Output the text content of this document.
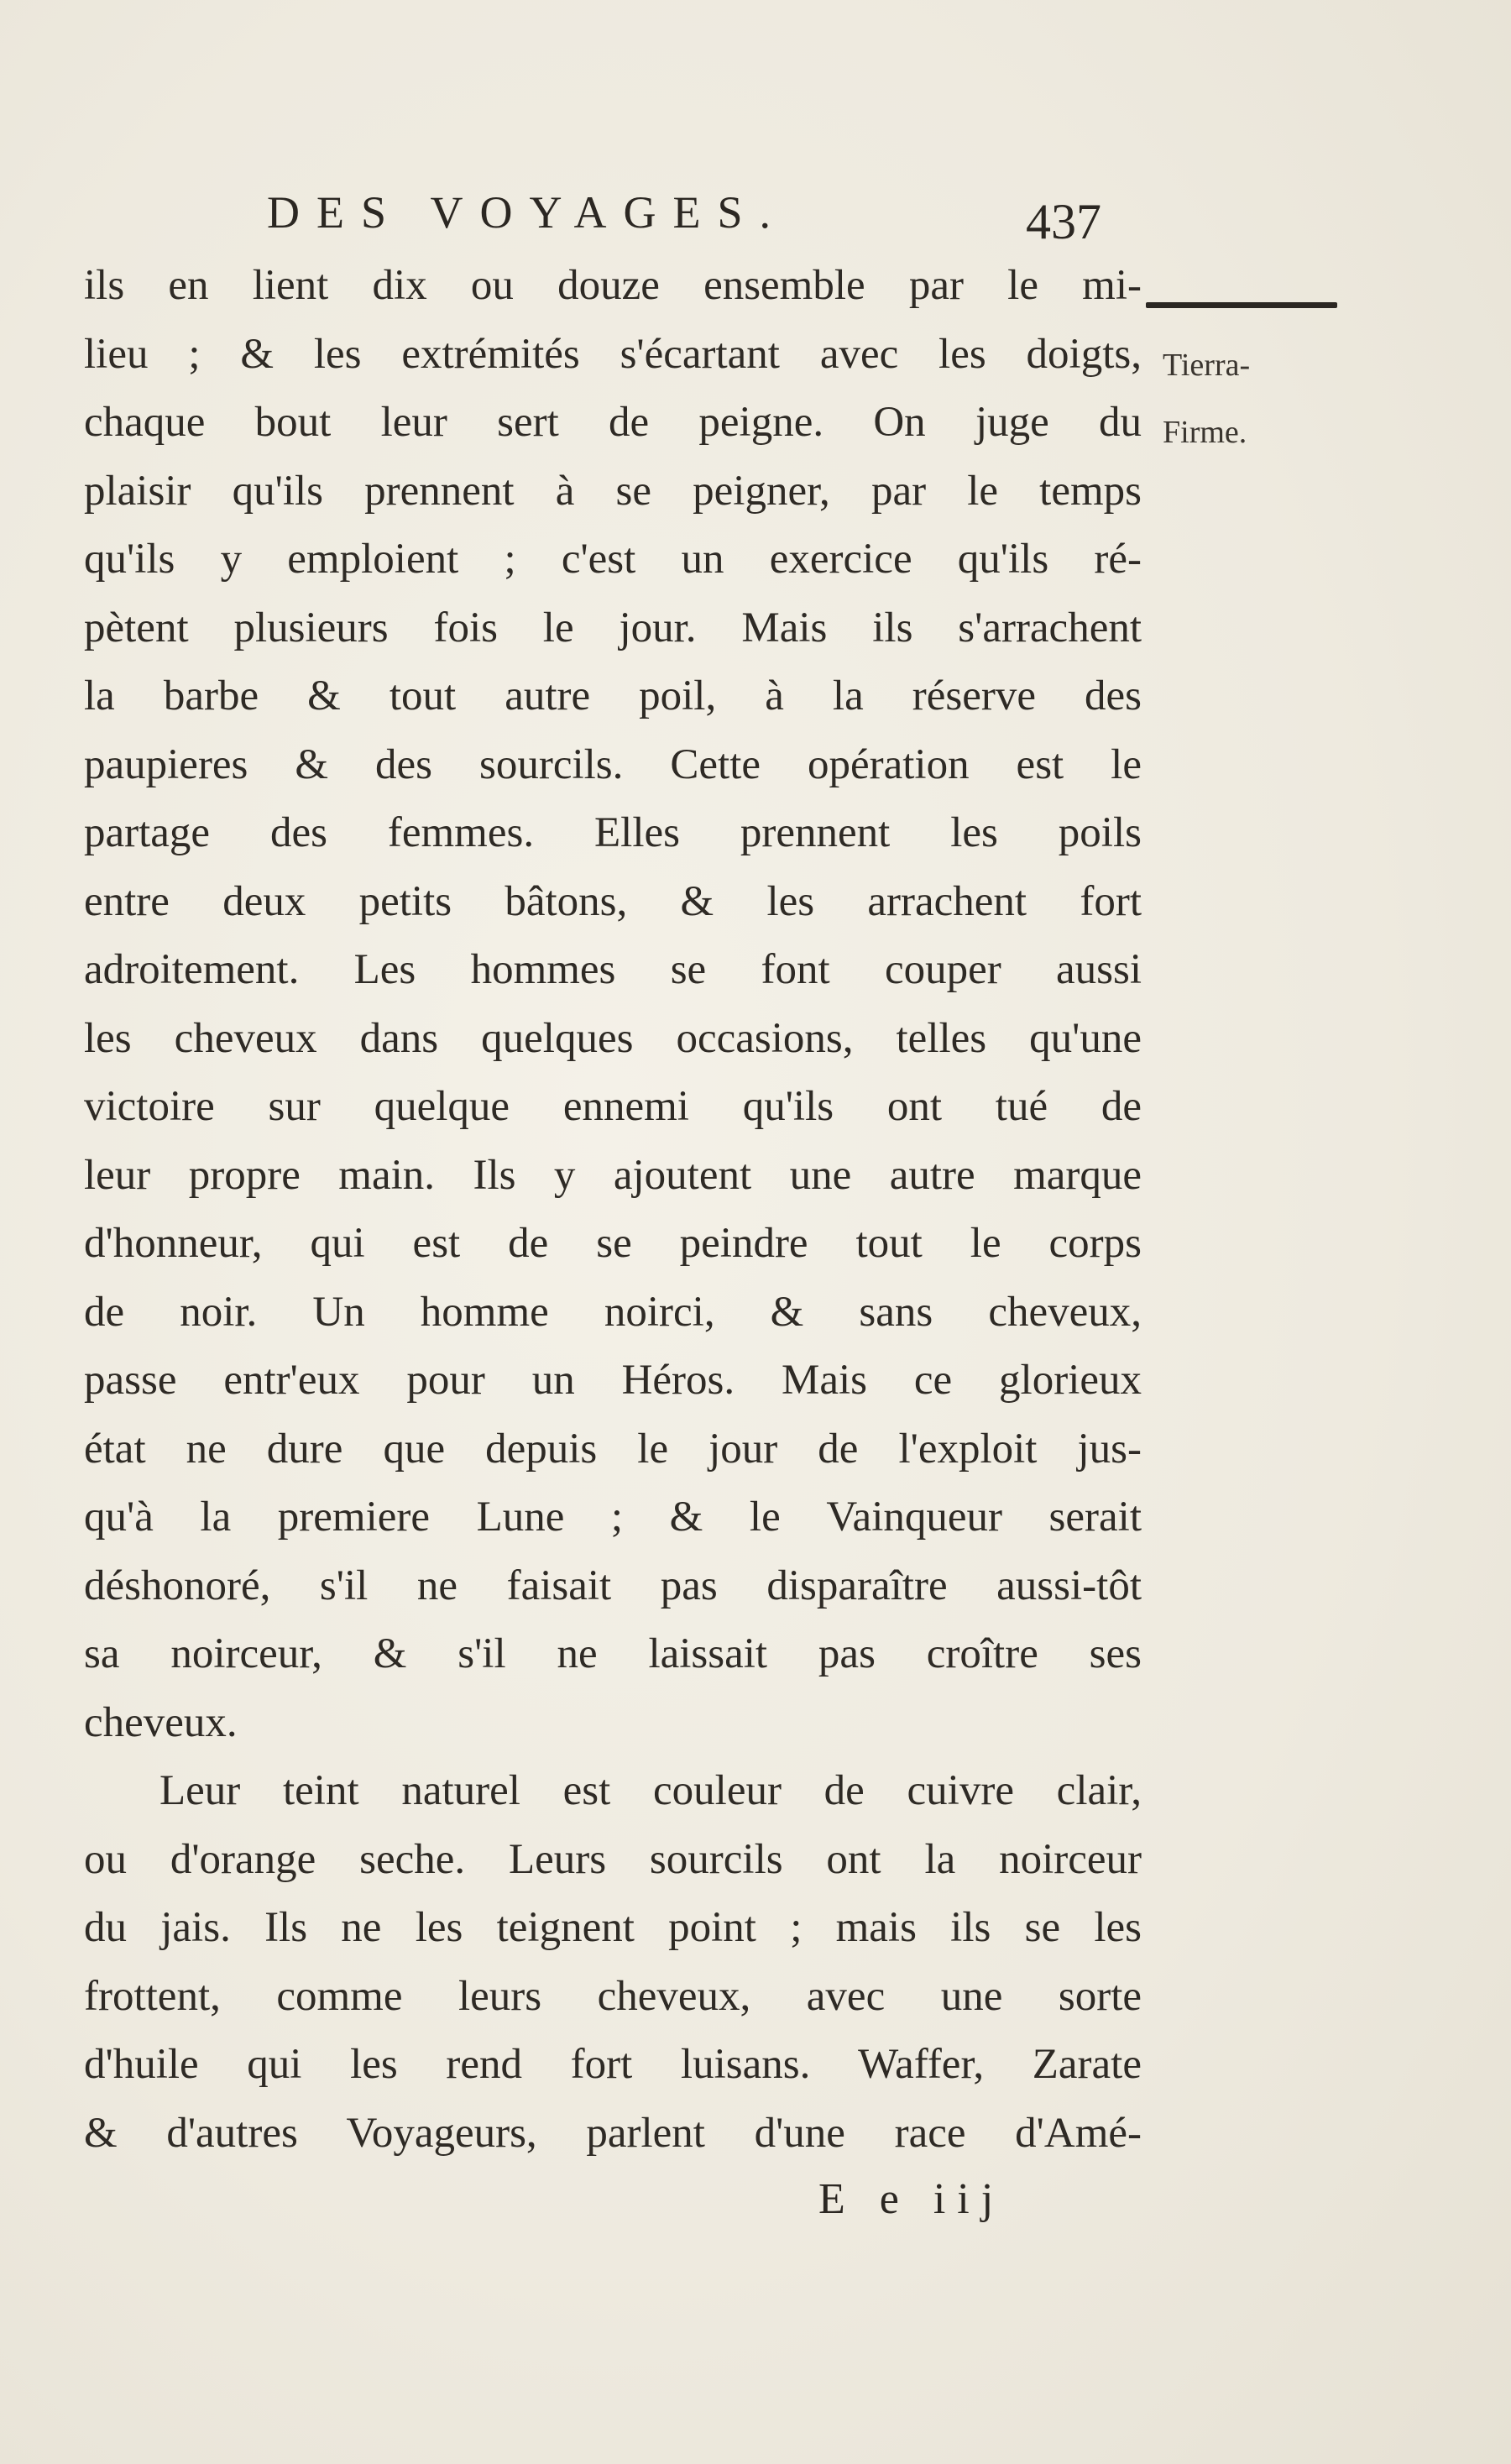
DES VOYAGES.	437
Tierra-
Firme.
ils en lient dix ou douze ensemble par le mi-
lieu ; & les extrémités s'écartant avec les doigts,
chaque bout leur sert de peigne. On juge du
plaisir qu'ils prennent à se peigner, par le temps
qu'ils y emploient ; c'est un exercice qu'ils ré-
pètent plusieurs fois le jour. Mais ils s'arrachent
la barbe & tout autre poil, à la réserve des
paupieres & des sourcils. Cette opération est le
partage des femmes. Elles prennent les poils
entre deux petits bâtons, & les arrachent fort
adroitement. Les hommes se font couper aussi
les cheveux dans quelques occasions, telles qu'une
victoire sur quelque ennemi qu'ils ont tué de
leur propre main. Ils y ajoutent une autre marque
d'honneur, qui est de se peindre tout le corps
de noir. Un homme noirci, & sans cheveux,
passe entr'eux pour un Héros. Mais ce glorieux
état ne dure que depuis le jour de l'exploit jus-
qu'à la premiere Lune ; & le Vainqueur serait
déshonoré, s'il ne faisait pas disparaître aussi-tôt
sa noirceur, & s'il ne laissait pas croître ses
cheveux.
Leur teint naturel est couleur de cuivre clair,
ou d'orange seche. Leurs sourcils ont la noirceur
du jais. Ils ne les teignent point ; mais ils se les
frottent, comme leurs cheveux, avec une sorte
d'huile qui les rend fort luisans. Waffer, Zarate
& d'autres Voyageurs, parlent d'une race d'Amé-
E e iij
